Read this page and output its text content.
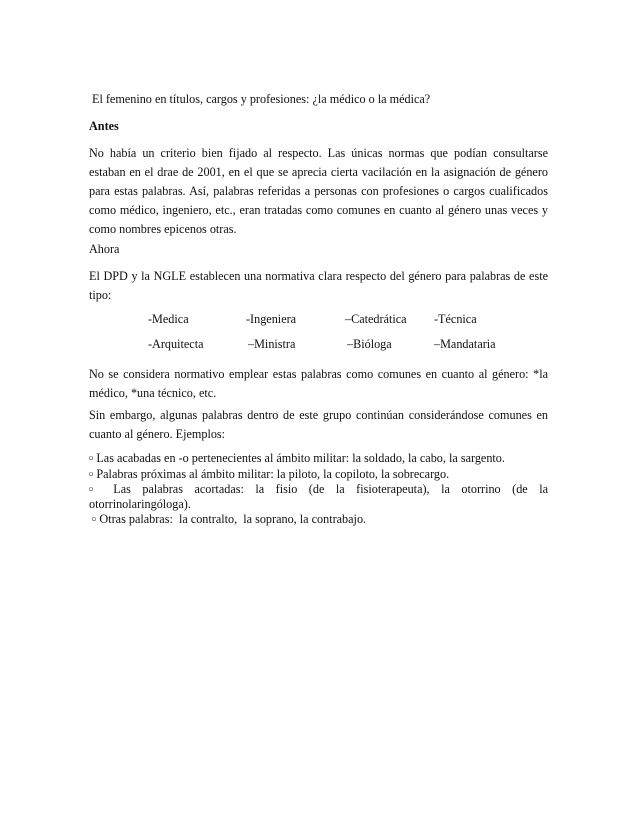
El femenino en títulos, cargos y profesiones: ¿la médico o la médica?
Antes
No había un criterio bien fijado al respecto. Las únicas normas que podían consultarse estaban en el drae de 2001, en el que se aprecia cierta vacilación en la asignación de género para estas palabras. Así, palabras referidas a personas con profesiones o cargos cualificados como médico, ingeniero, etc., eran tratadas como comunes en cuanto al género unas veces y como nombres epicenos otras.
Ahora
El DPD y la NGLE establecen una normativa clara respecto del género para palabras de este tipo:
-Medica	-Ingeniera	–Catedrática -Técnica
-Arquitecta	–Ministra	–Bióloga	–Mandataria
No se considera normativo emplear estas palabras como comunes en cuanto al género: *la médico, *una técnico, etc.
Sin embargo, algunas palabras dentro de este grupo continúan considerándose comunes en cuanto al género. Ejemplos:
▫ Las acabadas en -o pertenecientes al ámbito militar: la soldado, la cabo, la sargento.
▫ Palabras próximas al ámbito militar: la piloto, la copiloto, la sobrecargo.
▫ Las palabras acortadas: la fisio (de la fisioterapeuta), la otorrino (de la
otorrinolaringóloga).
▫ Otras palabras:  la contralto,  la soprano, la contrabajo.
